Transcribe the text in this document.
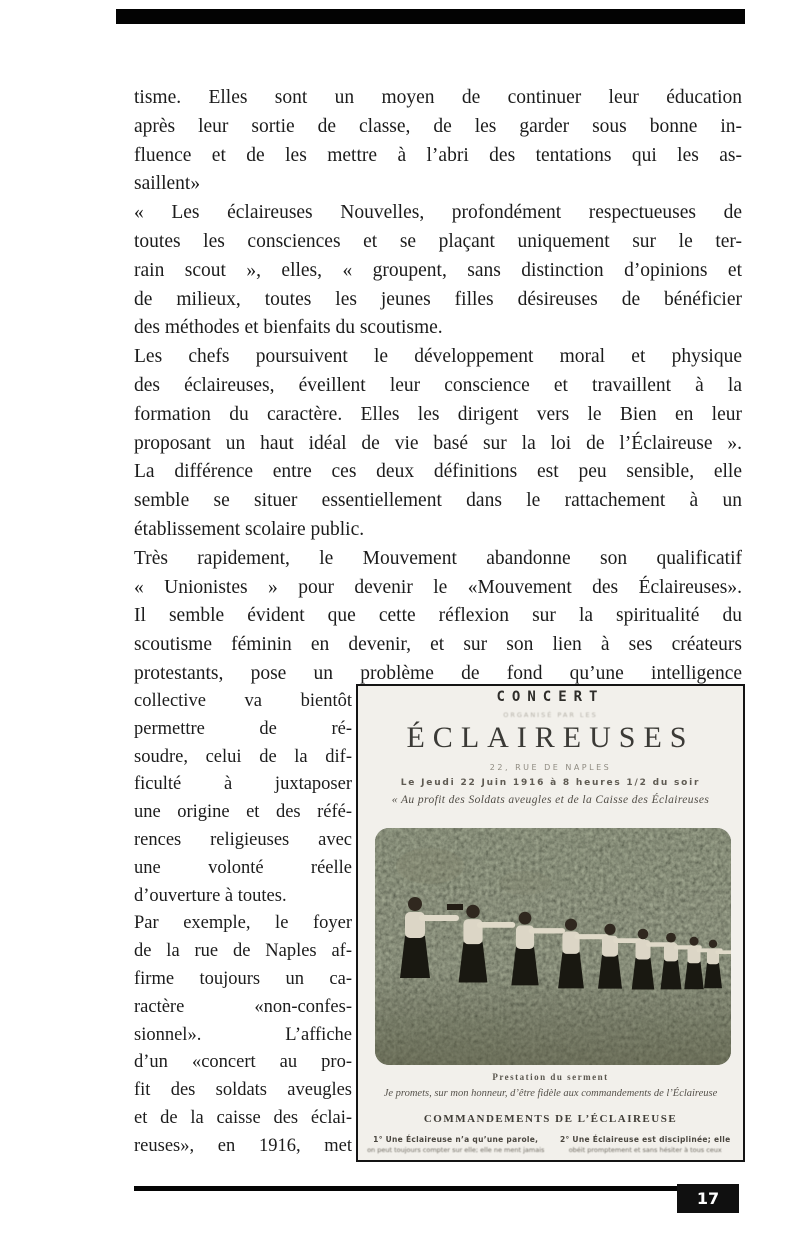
tisme. Elles sont un moyen de continuer leur éducation
après leur sortie de classe, de les garder sous bonne in-
fluence et de les mettre à l’abri des tentations qui les as-
saillent»
« Les éclaireuses Nouvelles, profondément respectueuses de
toutes les consciences et se plaçant uniquement sur le ter-
rain scout », elles, « groupent, sans distinction d’opinions et
de milieux, toutes les jeunes filles désireuses de bénéficier
des méthodes et bienfaits du scoutisme.
Les chefs poursuivent le développement moral et physique
des éclaireuses, éveillent leur conscience et travaillent à la
formation du caractère. Elles les dirigent vers le Bien en leur
proposant un haut idéal de vie basé sur la loi de l’Éclaireuse ».
La différence entre ces deux définitions est peu sensible, elle
semble se situer essentiellement dans le rattachement à un
établissement scolaire public.
Très rapidement, le Mouvement abandonne son qualificatif
« Unionistes » pour devenir le «Mouvement des Éclaireuses».
Il semble évident que cette réflexion sur la spiritualité du
scoutisme féminin en devenir, et sur son lien à ses créateurs
protestants, pose un problème de fond qu’une intelligence
collective va bientôt
permettre de ré-
soudre, celui de la dif-
ficulté à juxtaposer
une origine et des réfé-
rences religieuses avec
une volonté réelle
d’ouverture à toutes.
Par exemple, le foyer
de la rue de Naples af-
firme toujours un ca-
ractère «non-confes-
sionnel». L’affiche
d’un «concert au pro-
fit des soldats aveugles
et de la caisse des éclai-
reuses», en 1916, met
CONCERT
ORGANISÉ PAR LES
ÉCLAIREUSES
22, RUE DE NAPLES
Le Jeudi 22 Juin 1916 à 8 heures 1/2 du soir
« Au profit des Soldats aveugles et de la Caisse des Éclaireuses
Prestation du serment
Je promets, sur mon honneur, d’être fidèle aux commandements de l’Éclaireuse
COMMANDEMENTS DE L’ÉCLAIREUSE
1° Une Éclaireuse n’a qu’une parole,
on peut toujours compter sur elle; elle ne ment jamais
2° Une Éclaireuse est disciplinée; elle
obéit promptement et sans hésiter à tous ceux
17
